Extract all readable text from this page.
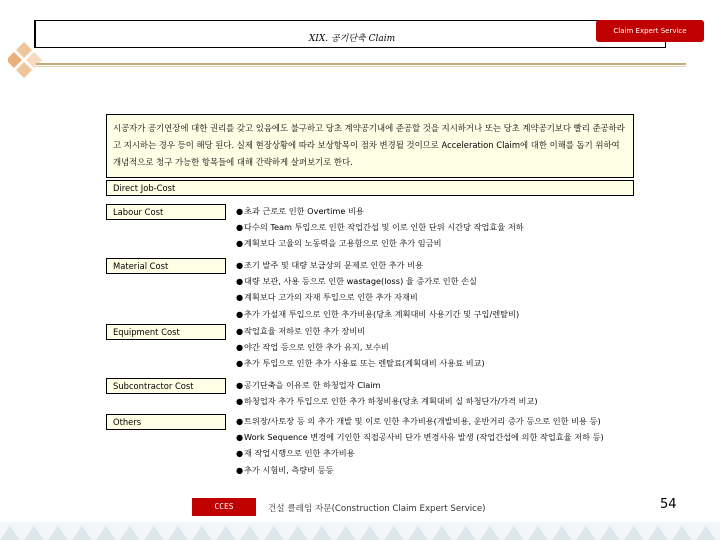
XIX. 공기단축 Claim
Claim Expert Service
시공자가 공기연장에 대한 권리를 갖고 있음에도 불구하고 당초 계약공기내에 준공할 것을 지시하거나 또는 당초 계약공기보다 빨리 준공하라고 지시하는 경우 등이 해당 된다. 실제 현장상황에 따라 보상항목이 점차 변경될 것이므로 Acceleration Claim에 대한 이해를 돕기 위하여 개념적으로 청구 가능한 항목들에 대해 간략하게 살펴보기로 한다.
Direct Job-Cost
Labour Cost	●초과 근로로 인한 Overtime 비용
●다수의 Team 투입으로 인한 작업간섭 및 이로 인한 단위 시간당 작업효율 저하
●계획보다 고율의 노동력을 고용함으로 인한 추가 임금비
Material Cost	●조기 발주 및 대량 보급상의 문제로 인한 추가 비용
●대량 보관, 사용 등으로 인한 wastage(loss) 율 증가로 인한 손실
●계획보다 고가의 자재 투입으로 인한 추가 자재비
●추가 가설재 투입으로 인한 추가비용(당초 계획대비 사용기간 및 구입/렌탈비)
Equipment Cost	●작업효율 저하로 인한 추가 장비비
●야간 작업 등으로 인한 추가 유지, 보수비
●추가 투입으로 인한 추가 사용료 또는 렌탈료(계획대비 사용료 비교)
Subcontractor Cost	●공기단축을 이유로 한 하청업자 Claim
●하청업자 추가 투입으로 인한 추가 하청비용(당초 계획대비 실 하청단가/가격 비교)
Others	●트위장/사토장 등 의 추가 개발 및 이로 인한 추가비용(개발비용, 운반거리 증가 등으로 인한 비용 등)
●Work Sequence 변경에 기인한 직접공사비 단가 변경사유 발생 (작업간섭에 의한 작업효율 저하 등)
●재 작업시행으로 인한 추가비용
●추가 시험비, 측량비 등등
CCES	건설 클레임 자문(Construction Claim Expert Service)	54
